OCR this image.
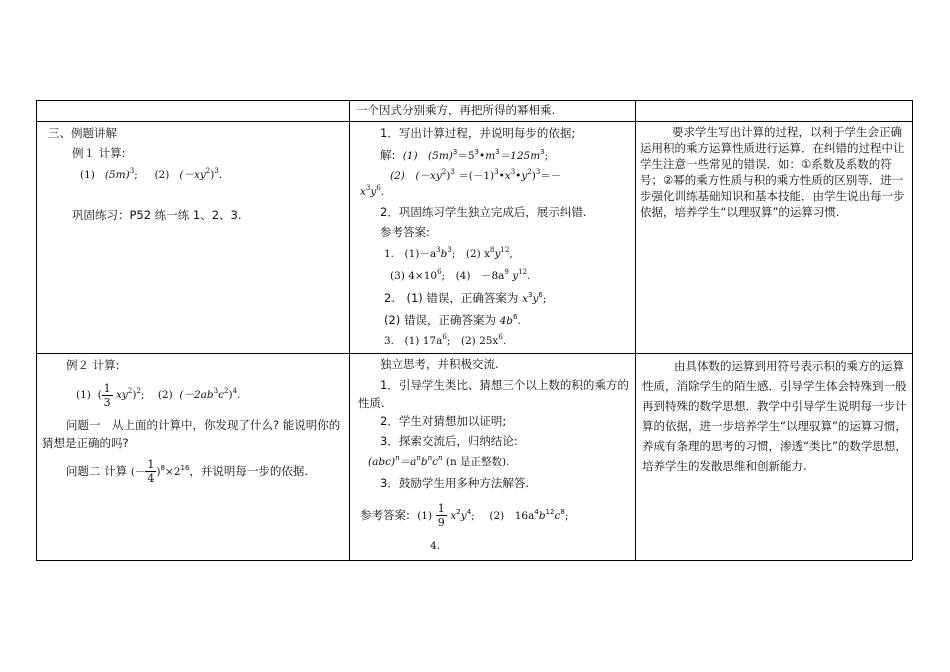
一个因式分别乘方，再把所得的幂相乘.
三、例题讲解
例１ 计算:
(1) $(5m)^3$; (2) $(-xy^2)^3$.
巩固练习：P52 练一练 1、2、3.
1．写出计算过程，并说明每步的依据;
解: (1)　$(5m)^3=5^3•m^3=125m^3$;
(2)　$(-xy^2)^3$ $=(-1)^3•x^3•y^2)^3=-$
$x^3y^6$.
2．巩固练习学生独立完成后，展示纠错.
参考答案:
1.　$(1)-a^3b^3$;　(2) $x^8y^{12}$,
(3) $4\times 10^6$;　(4)　$-8a^9$ $y^{12}$.
2.　(1) 错误，正确答案为 $x^3y^6$;
(2) 错误，正确答案为 $4b^6$.
3.　(1) $17a^6$;　(2) $25x^6$.
要求学生写出计算的过程，以利于学生会正确运用积的乘方运算性质进行运算．在纠错的过程中让学生注意一些常见的错误．如：①系数及系数的符号；②幂的乘方性质与积的乘方性质的区别等．进一步强化训练基础知识和基本技能．由学生说出每一步依据，培养学生“以理驭算”的运算习惯.
例２ 计算:
(1) ( $\frac{1}{3} xy^2)^2$; (2) $(-2ab^3c^2)^4$.
问题一　从上面的计算中，你发现了什么? 能说明你的猜想是正确的吗?
问题二 计算 (－ $\frac{1}{4} )^8\times 2^{16}$，并说明每一步的依据.
独立思考，并积极交流.
1．引导学生类比、猜想三个以上数的积的乘方的性质.
2．学生对猜想加以证明;
3．探索交流后，归纳结论:
$(abc)^n=a^nb^nc^n$ (n 是正整数).
3．鼓励学生用多种方法解答.
参考答案: $(1) \frac{1}{9} x^2y^4$; (2)　$16a^4b^{12}c^8$;
4.
由具体数的运算到用符号表示积的乘方的运算性质，消除学生的陌生感．引导学生体会特殊到一般再到特殊的数学思想．教学中引导学生说明每一步计算的依据，进一步培养学生“以理驭算”的运算习惯，养成有条理的思考的习惯，渗透“类比”的数学思想，培养学生的发散思维和创新能力.
